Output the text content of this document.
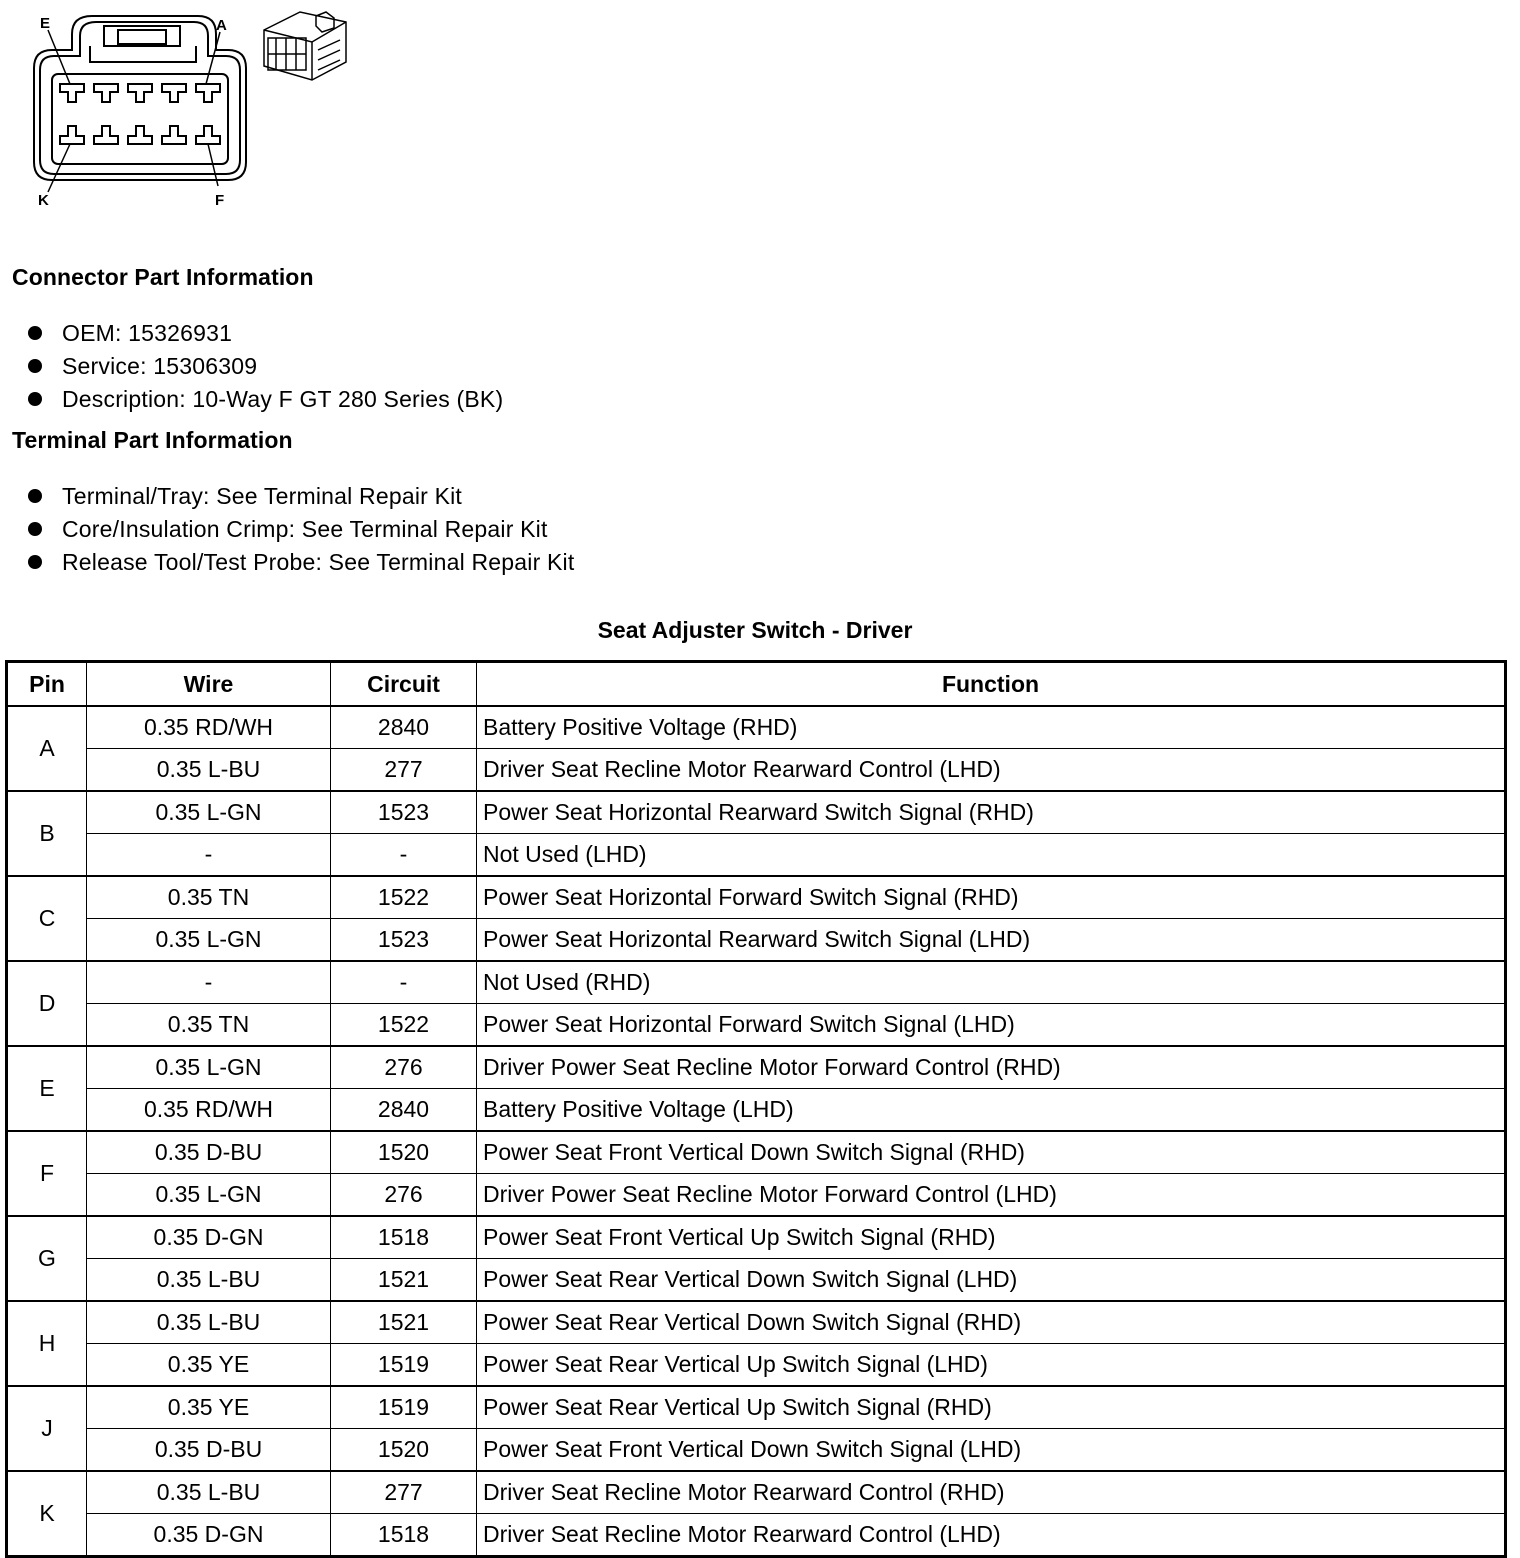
E	A
K	F
Connector Part Information
OEM: 15326931
Service: 15306309
Description: 10-Way F GT 280 Series (BK)
Terminal Part Information
Terminal/Tray: See Terminal Repair Kit
Core/Insulation Crimp: See Terminal Repair Kit
Release Tool/Test Probe: See Terminal Repair Kit
Seat Adjuster Switch - Driver
Pin	Wire	Circuit	Function
A	0.35 RD/WH	2840	Battery Positive Voltage (RHD)
	0.35 L-BU	277	Driver Seat Recline Motor Rearward Control (LHD)
B	0.35 L-GN	1523	Power Seat Horizontal Rearward Switch Signal (RHD)
	-	-	Not Used (LHD)
C	0.35 TN	1522	Power Seat Horizontal Forward Switch Signal (RHD)
	0.35 L-GN	1523	Power Seat Horizontal Rearward Switch Signal (LHD)
D	-	-	Not Used (RHD)
	0.35 TN	1522	Power Seat Horizontal Forward Switch Signal (LHD)
E	0.35 L-GN	276	Driver Power Seat Recline Motor Forward Control (RHD)
	0.35 RD/WH	2840	Battery Positive Voltage (LHD)
F	0.35 D-BU	1520	Power Seat Front Vertical Down Switch Signal (RHD)
	0.35 L-GN	276	Driver Power Seat Recline Motor Forward Control (LHD)
G	0.35 D-GN	1518	Power Seat Front Vertical Up Switch Signal (RHD)
	0.35 L-BU	1521	Power Seat Rear Vertical Down Switch Signal (LHD)
H	0.35 L-BU	1521	Power Seat Rear Vertical Down Switch Signal (RHD)
	0.35 YE	1519	Power Seat Rear Vertical Up Switch Signal (LHD)
J	0.35 YE	1519	Power Seat Rear Vertical Up Switch Signal (RHD)
	0.35 D-BU	1520	Power Seat Front Vertical Down Switch Signal (LHD)
K	0.35 L-BU	277	Driver Seat Recline Motor Rearward Control (RHD)
	0.35 D-GN	1518	Driver Seat Recline Motor Rearward Control (LHD)
